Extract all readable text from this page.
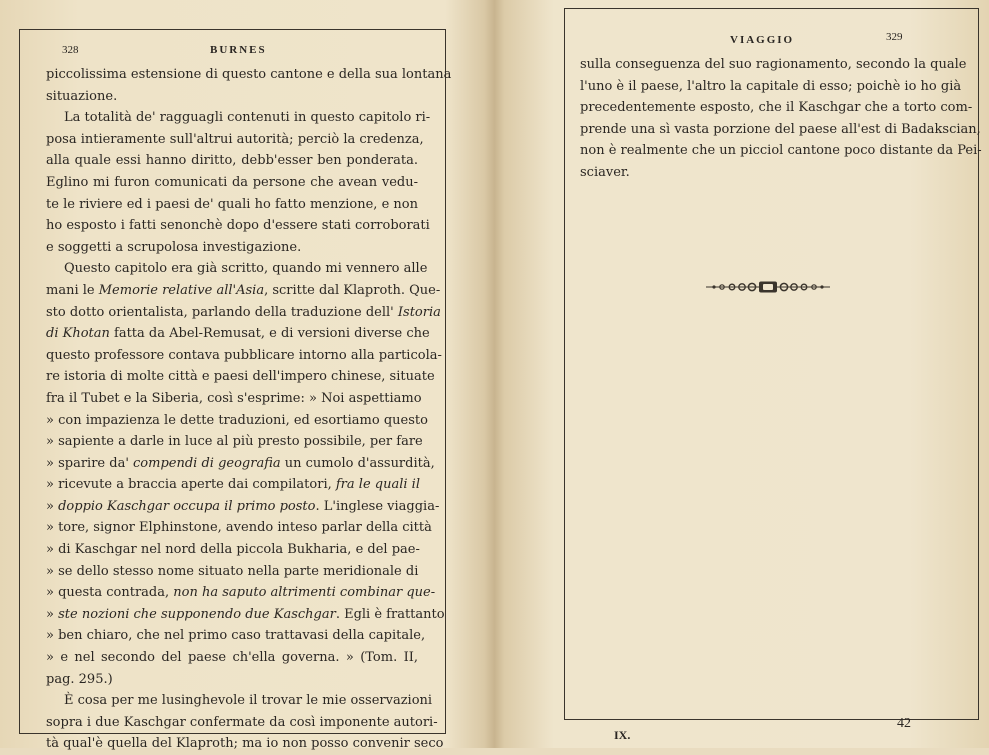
328	BURNES
piccolissima estensione di questo cantone e della sua lontana
situazione.
La totalità de' ragguagli contenuti in questo capitolo ri-
posa intieramente sull'altrui autorità; perciò la credenza,
alla quale essi hanno diritto, debb'esser ben ponderata.
Eglino mi furon comunicati da persone che avean vedu-
te le riviere ed i paesi de' quali ho fatto menzione, e non
ho esposto i fatti senonchè dopo d'essere stati corroborati
e soggetti a scrupolosa investigazione.
Questo capitolo era già scritto, quando mi vennero alle
mani le Memorie relative all'Asia, scritte dal Klaproth. Que-
sto dotto orientalista, parlando della traduzione dell' Istoria
di Khotan fatta da Abel-Remusat, e di versioni diverse che
questo professore contava pubblicare intorno alla particola-
re istoria di molte città e paesi dell'impero chinese, situate
fra il Tubet e la Siberia, così s'esprime: » Noi aspettiamo
» con impazienza le dette traduzioni, ed esortiamo questo
» sapiente a darle in luce al più presto possibile, per fare
» sparire da' compendi di geografia un cumolo d'assurdità,
» ricevute a braccia aperte dai compilatori, fra le quali il
» doppio Kaschgar occupa il primo posto. L'inglese viaggia-
» tore, signor Elphinstone, avendo inteso parlar della città
» di Kaschgar nel nord della piccola Bukharia, e del pae-
» se dello stesso nome situato nella parte meridionale di
» questa contrada, non ha saputo altrimenti combinar que-
» ste nozioni che supponendo due Kaschgar. Egli è frattanto
» ben chiaro, che nel primo caso trattavasi della capitale,
» e nel secondo del paese ch'ella governa. » (Tom. II,
pag. 295.)
È cosa per me lusinghevole il trovar le mie osservazioni
sopra i due Kaschgar confermate da così imponente autori-
tà qual'è quella del Klaproth; ma io non posso convenir seco
VIAGGIO	329
sulla conseguenza del suo ragionamento, secondo la quale
l'uno è il paese, l'altro la capitale di esso; poichè io ho già
precedentemente esposto, che il Kaschgar che a torto com-
prende una sì vasta porzione del paese all'est di Badakscian,
non è realmente che un picciol cantone poco distante da Pei-
sciaver.
IX.
42
